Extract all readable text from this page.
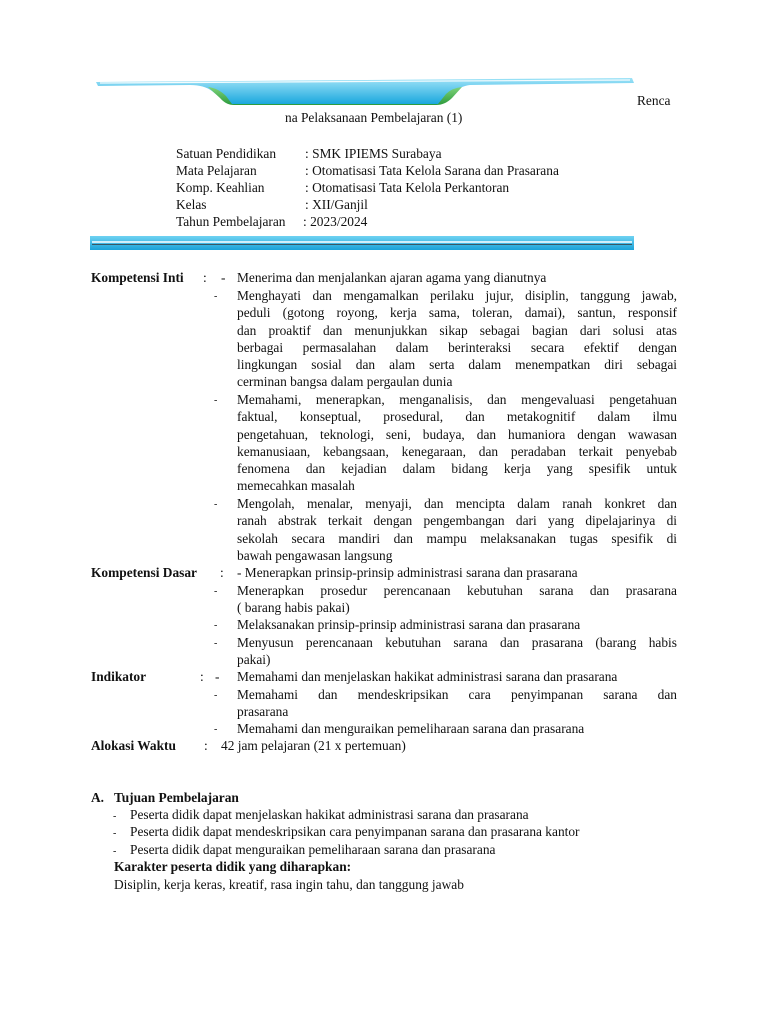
Renca
na Pelaksanaan Pembelajaran (1)
Satuan Pendidikan : SMK IPIEMS Surabaya
Mata Pelajaran	: Otomatisasi Tata Kelola Sarana dan Prasarana
Komp. Keahlian	: Otomatisasi Tata Kelola Perkantoran
Kelas	: XII/Ganjil
Tahun Pembelajaran : 2023/2024
Kompetensi Inti : - Menerima dan menjalankan ajaran agama yang dianutnya
- Menghayati dan mengamalkan perilaku jujur, disiplin, tanggung jawab,
peduli (gotong royong, kerja sama, toleran, damai), santun, responsif
dan proaktif dan menunjukkan sikap sebagai bagian dari solusi atas
berbagai permasalahan dalam berinteraksi secara efektif dengan
lingkungan sosial dan alam serta dalam menempatkan diri sebagai
cerminan bangsa dalam pergaulan dunia
- Memahami, menerapkan, menganalisis, dan mengevaluasi pengetahuan
faktual, konseptual, prosedural, dan metakognitif dalam ilmu
pengetahuan, teknologi, seni, budaya, dan humaniora dengan wawasan
kemanusiaan, kebangsaan, kenegaraan, dan peradaban terkait penyebab
fenomena dan kejadian dalam bidang kerja yang spesifik untuk
memecahkan masalah
- Mengolah, menalar, menyaji, dan mencipta dalam ranah konkret dan
ranah abstrak terkait dengan pengembangan dari yang dipelajarinya di
sekolah secara mandiri dan mampu melaksanakan tugas spesifik di
bawah pengawasan langsung
Kompetensi Dasar : - Menerapkan prinsip-prinsip administrasi sarana dan prasarana
- Menerapkan prosedur perencanaan kebutuhan sarana dan prasarana
( barang habis pakai)
- Melaksanakan prinsip-prinsip administrasi sarana dan prasarana
- Menyusun perencanaan kebutuhan sarana dan prasarana (barang habis
pakai)
Indikator	: - Memahami dan menjelaskan hakikat administrasi sarana dan prasarana
- Memahami dan mendeskripsikan cara penyimpanan sarana dan
prasarana
- Memahami dan menguraikan pemeliharaan sarana dan prasarana
Alokasi Waktu : 42 jam pelajaran (21 x pertemuan)
A. Tujuan Pembelajaran
- Peserta didik dapat menjelaskan hakikat administrasi sarana dan prasarana
- Peserta didik dapat mendeskripsikan cara penyimpanan sarana dan prasarana kantor
- Peserta didik dapat menguraikan pemeliharaan sarana dan prasarana
Karakter peserta didik yang diharapkan:
Disiplin, kerja keras, kreatif, rasa ingin tahu, dan tanggung jawab
